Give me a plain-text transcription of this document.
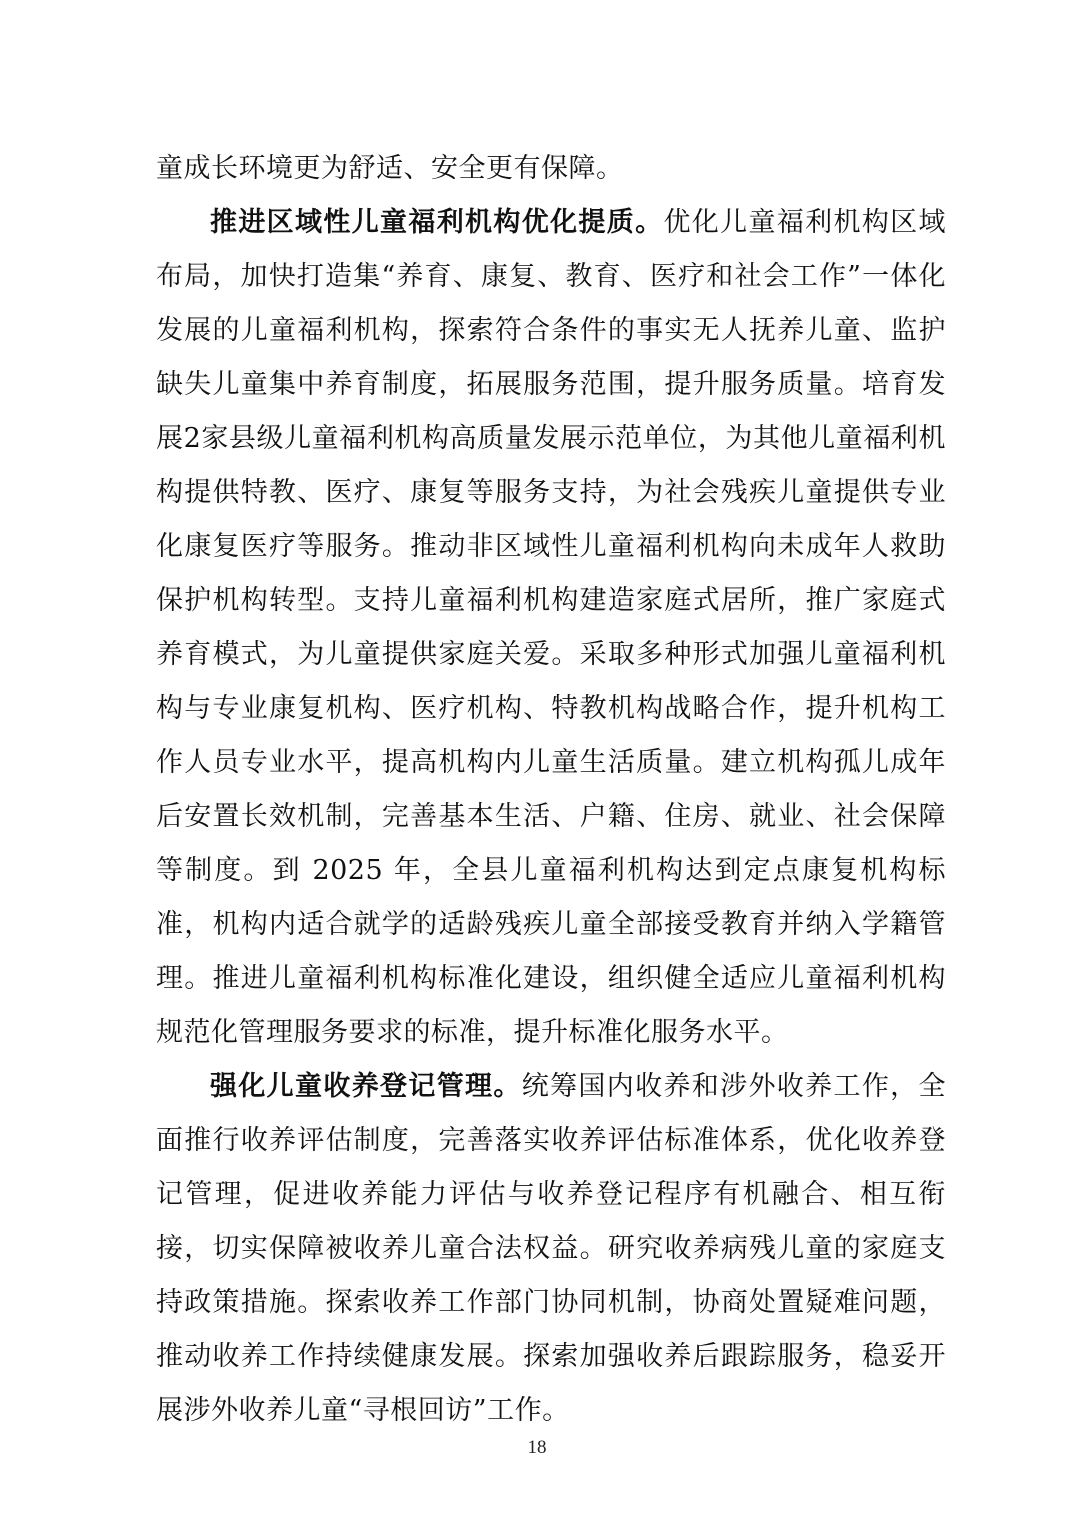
童成长环境更为舒适、安全更有保障。

推进区域性儿童福利机构优化提质。优化儿童福利机构区域布局，加快打造集“养育、康复、教育、医疗和社会工作”一体化发展的儿童福利机构，探索符合条件的事实无人抚养儿童、监护缺失儿童集中养育制度，拓展服务范围，提升服务质量。培育发展2家县级儿童福利机构高质量发展示范单位，为其他儿童福利机构提供特教、医疗、康复等服务支持，为社会残疾儿童提供专业化康复医疗等服务。推动非区域性儿童福利机构向未成年人救助保护机构转型。支持儿童福利机构建造家庭式居所，推广家庭式养育模式，为儿童提供家庭关爱。采取多种形式加强儿童福利机构与专业康复机构、医疗机构、特教机构战略合作，提升机构工作人员专业水平，提高机构内儿童生活质量。建立机构孤儿成年后安置长效机制，完善基本生活、户籍、住房、就业、社会保障等制度。到 2025 年，全县儿童福利机构达到定点康复机构标准，机构内适合就学的适龄残疾儿童全部接受教育并纳入学籍管理。推进儿童福利机构标准化建设，组织健全适应儿童福利机构规范化管理服务要求的标准，提升标准化服务水平。

强化儿童收养登记管理。统筹国内收养和涉外收养工作，全面推行收养评估制度，完善落实收养评估标准体系，优化收养登记管理，促进收养能力评估与收养登记程序有机融合、相互衔接，切实保障被收养儿童合法权益。研究收养病残儿童的家庭支持政策措施。探索收养工作部门协同机制，协商处置疑难问题，推动收养工作持续健康发展。探索加强收养后跟踪服务，稳妥开展涉外收养儿童“寻根回访”工作。

18
